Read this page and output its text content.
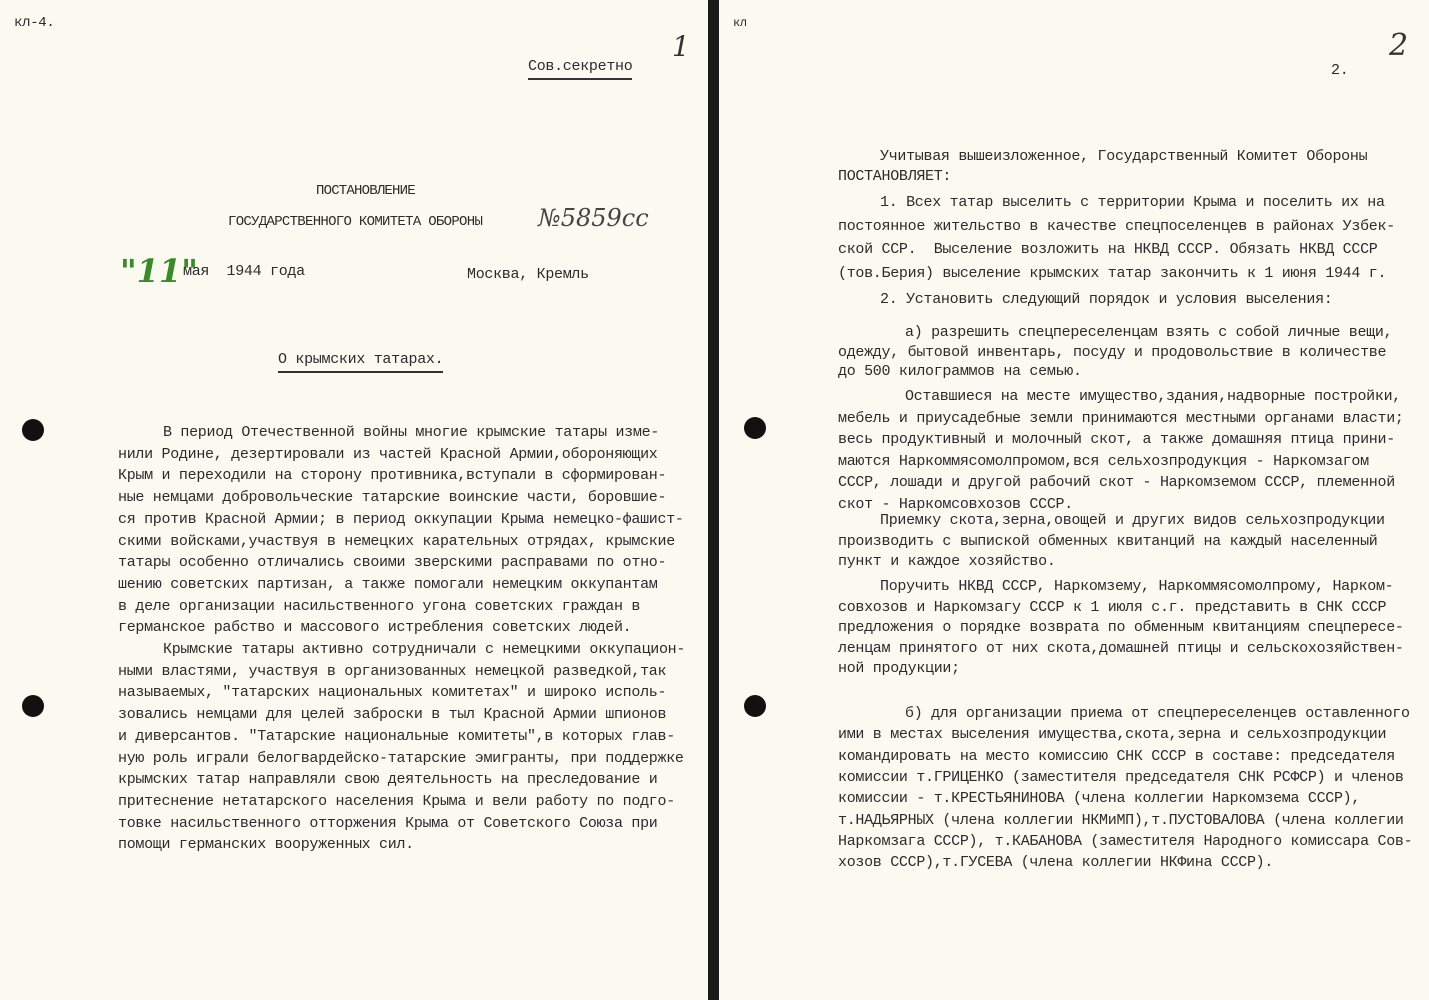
кл-4.
1
Сов.секретно
ПОСТАНОВЛЕНИЕ
ГОСУДАРСТВЕННОГО КОМИТЕТА ОБОРОНЫ №5859сс
"11"
мая  1944 года	Москва, Кремль
О крымских татарах.
В период Отечественной войны многие крымские татары изме-
нили Родине, дезертировали из частей Красной Армии,обороняющих
Крым и переходили на сторону противника,вступали в сформирован-
ные немцами добровольческие татарские воинские части, боровшие-
ся против Красной Армии; в период оккупации Крыма немецко-фашист-
скими войсками,участвуя в немецких карательных отрядах, крымские
татары особенно отличались своими зверскими расправами по отно-
шению советских партизан, а также помогали немецким оккупантам
в деле организации насильственного угона советских граждан в
германское рабство и массового истребления советских людей.
Крымские татары активно сотрудничали с немецкими оккупацион-
ными властями, участвуя в организованных немецкой разведкой,так
называемых, "татарских национальных комитетах" и широко исполь-
зовались немцами для целей заброски в тыл Красной Армии шпионов
и диверсантов. "Татарские национальные комитеты",в которых глав-
ную роль играли белогвардейско-татарские эмигранты, при поддержке
крымских татар направляли свою деятельность на преследование и
притеснение нетатарского населения Крыма и вели работу по подго-
товке насильственного отторжения Крыма от Советского Союза при
помощи германских вооруженных сил.
кл
2
2.
Учитывая вышеизложенное, Государственный Комитет Обороны
ПОСТАНОВЛЯЕТ:
1. Всех татар выселить с территории Крыма и поселить их на
постоянное жительство в качестве спецпоселенцев в районах Узбек-
ской ССР.  Выселение возложить на НКВД СССР. Обязать НКВД СССР
(тов.Берия) выселение крымских татар закончить к 1 июня 1944 г.
2. Установить следующий порядок и условия выселения:
а) разрешить спецпереселенцам взять с собой личные вещи,
одежду, бытовой инвентарь, посуду и продовольствие в количестве
до 500 килограммов на семью.
Оставшиеся на месте имущество,здания,надворные постройки,
мебель и приусадебные земли принимаются местными органами власти;
весь продуктивный и молочный скот, а также домашняя птица прини-
маются Наркоммясомолпромом,вся сельхозпродукция - Наркомзагом
СССР, лошади и другой рабочий скот - Наркомземом СССР, племенной
скот - Наркомсовхозов СССР.
Приемку скота,зерна,овощей и других видов сельхозпродукции
производить с выпиской обменных квитанций на каждый населенный
пункт и каждое хозяйство.
Поручить НКВД СССР, Наркомзему, Наркоммясомолпрому, Нарком-
совхозов и Наркомзагу СССР к 1 июля с.г. представить в СНК СССР
предложения о порядке возврата по обменным квитанциям спецпересе-
ленцам принятого от них скота,домашней птицы и сельскохозяйствен-
ной продукции;
б) для организации приема от спецпереселенцев оставленного
ими в местах выселения имущества,скота,зерна и сельхозпродукции
командировать на место комиссию СНК СССР в составе: председателя
комиссии т.ГРИЦЕНКО (заместителя председателя СНК РСФСР) и членов
комиссии - т.КРЕСТЬЯНИНОВА (члена коллегии Наркомзема СССР),
т.НАДЬЯРНЫХ (члена коллегии НКМиМП),т.ПУСТОВАЛОВА (члена коллегии
Наркомзага СССР), т.КАБАНОВА (заместителя Народного комиссара Сов-
хозов СССР),т.ГУСЕВА (члена коллегии НКФина СССР).
